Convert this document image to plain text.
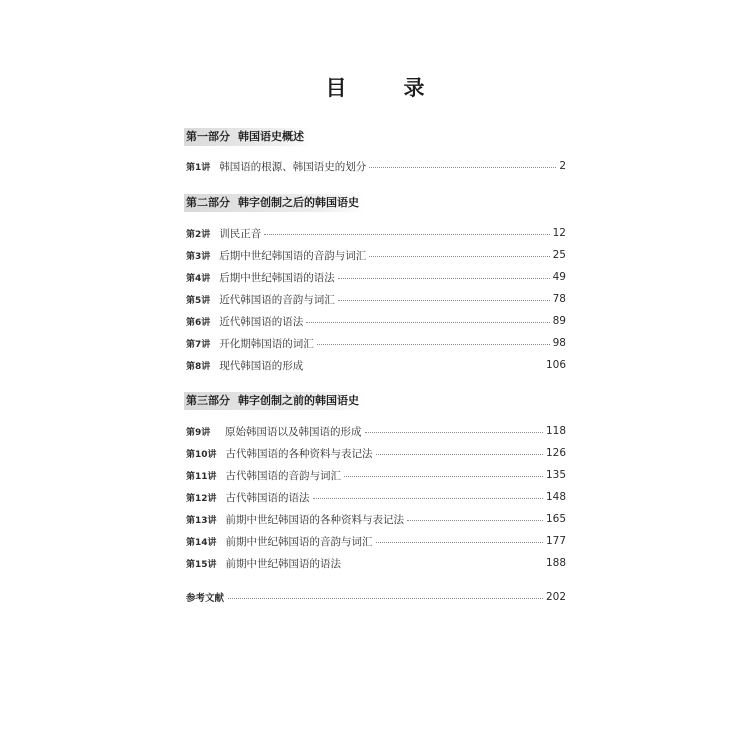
目　录
第一部分 韩国语史概述
第1讲 韩国语的根源、韩国语史的划分	2
第二部分 韩字创制之后的韩国语史
第2讲 训民正音	12
第3讲 后期中世纪韩国语的音韵与词汇	25
第4讲 后期中世纪韩国语的语法	49
第5讲 近代韩国语的音韵与词汇	78
第6讲 近代韩国语的语法	89
第7讲 开化期韩国语的词汇	98
第8讲 现代韩国语的形成	106
第三部分 韩字创制之前的韩国语史
第9讲	原始韩国语以及韩国语的形成	118
第10讲 古代韩国语的各种资料与表记法	126
第11讲 古代韩国语的音韵与词汇	135
第12讲 古代韩国语的语法	148
第13讲 前期中世纪韩国语的各种资料与表记法	165
第14讲 前期中世纪韩国语的音韵与词汇	177
第15讲 前期中世纪韩国语的语法	188
参考文献	202
